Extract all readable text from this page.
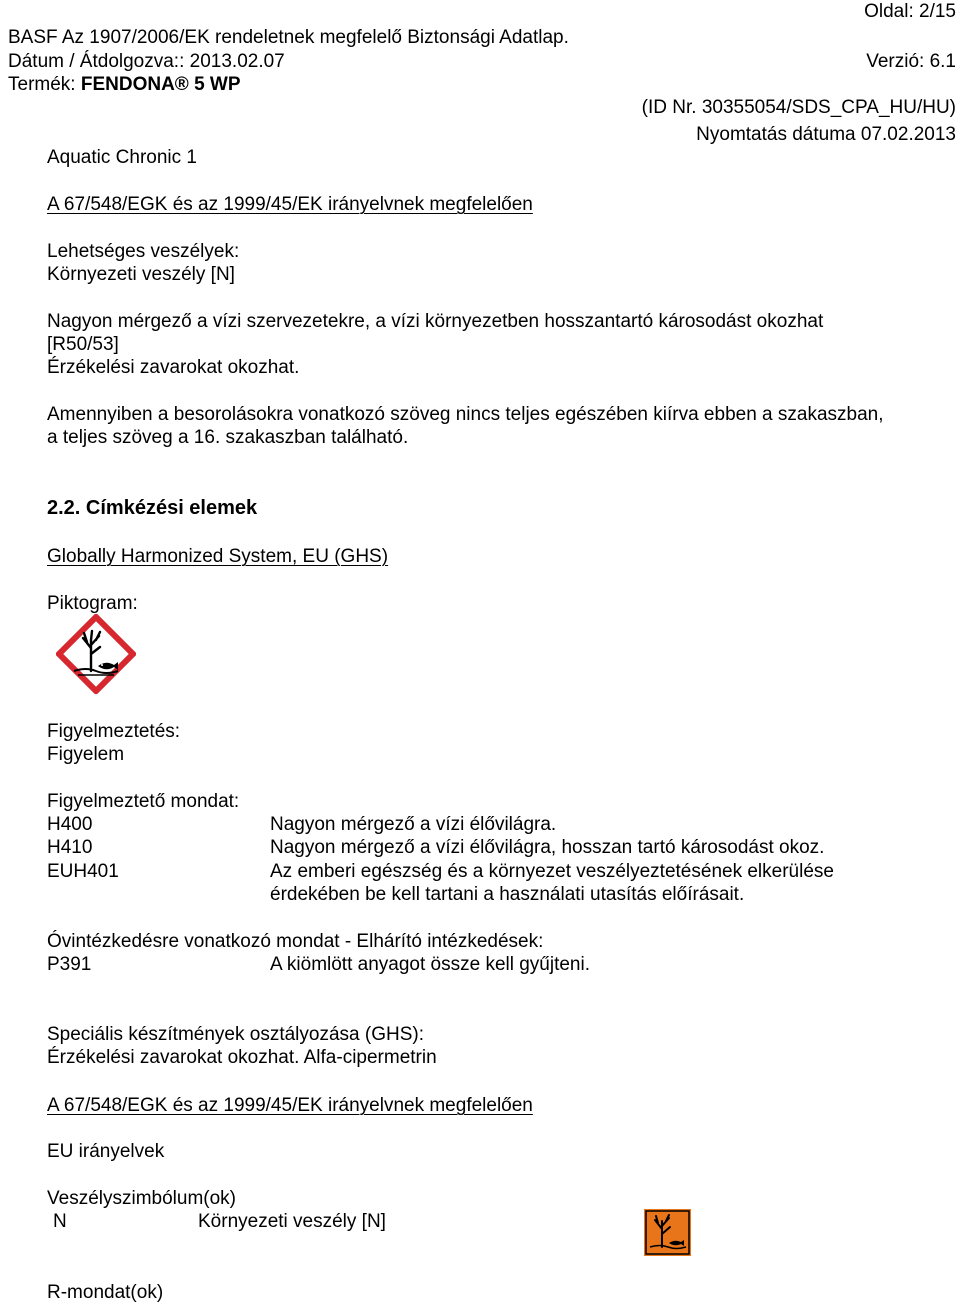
Oldal: 2/15
BASF Az 1907/2006/EK rendeletnek megfelelő Biztonsági Adatlap.
Dátum / Átdolgozva:: 2013.02.07	Verzió: 6.1
Termék: FENDONA® 5 WP
(ID Nr. 30355054/SDS_CPA_HU/HU)
Nyomtatás dátuma 07.02.2013
Aquatic Chronic 1
A 67/548/EGK és az 1999/45/EK irányelvnek megfelelően
Lehetséges veszélyek:
Környezeti veszély [N]
Nagyon mérgező a vízi szervezetekre, a vízi környezetben hosszantartó károsodást okozhat
[R50/53]
Érzékelési zavarokat okozhat.
Amennyiben a besorolásokra vonatkozó szöveg nincs teljes egészében kiírva ebben a szakaszban,
a teljes szöveg a 16. szakaszban található.
2.2. Címkézési elemek
Globally Harmonized System, EU (GHS)
Piktogram:
Figyelmeztetés:
Figyelem
Figyelmeztető mondat:
H400	Nagyon mérgező a vízi élővilágra.
H410	Nagyon mérgező a vízi élővilágra, hosszan tartó károsodást okoz.
EUH401	Az emberi egészség és a környezet veszélyeztetésének elkerülése
érdekében be kell tartani a használati utasítás előírásait.
Óvintézkedésre vonatkozó mondat - Elhárító intézkedések:
P391	A kiömlött anyagot össze kell gyűjteni.
Speciális készítmények osztályozása (GHS):
Érzékelési zavarokat okozhat. Alfa-cipermetrin
A 67/548/EGK és az 1999/45/EK irányelvnek megfelelően
EU irányelvek
Veszélyszimbólum(ok)
N	Környezeti veszély [N]
R-mondat(ok)
